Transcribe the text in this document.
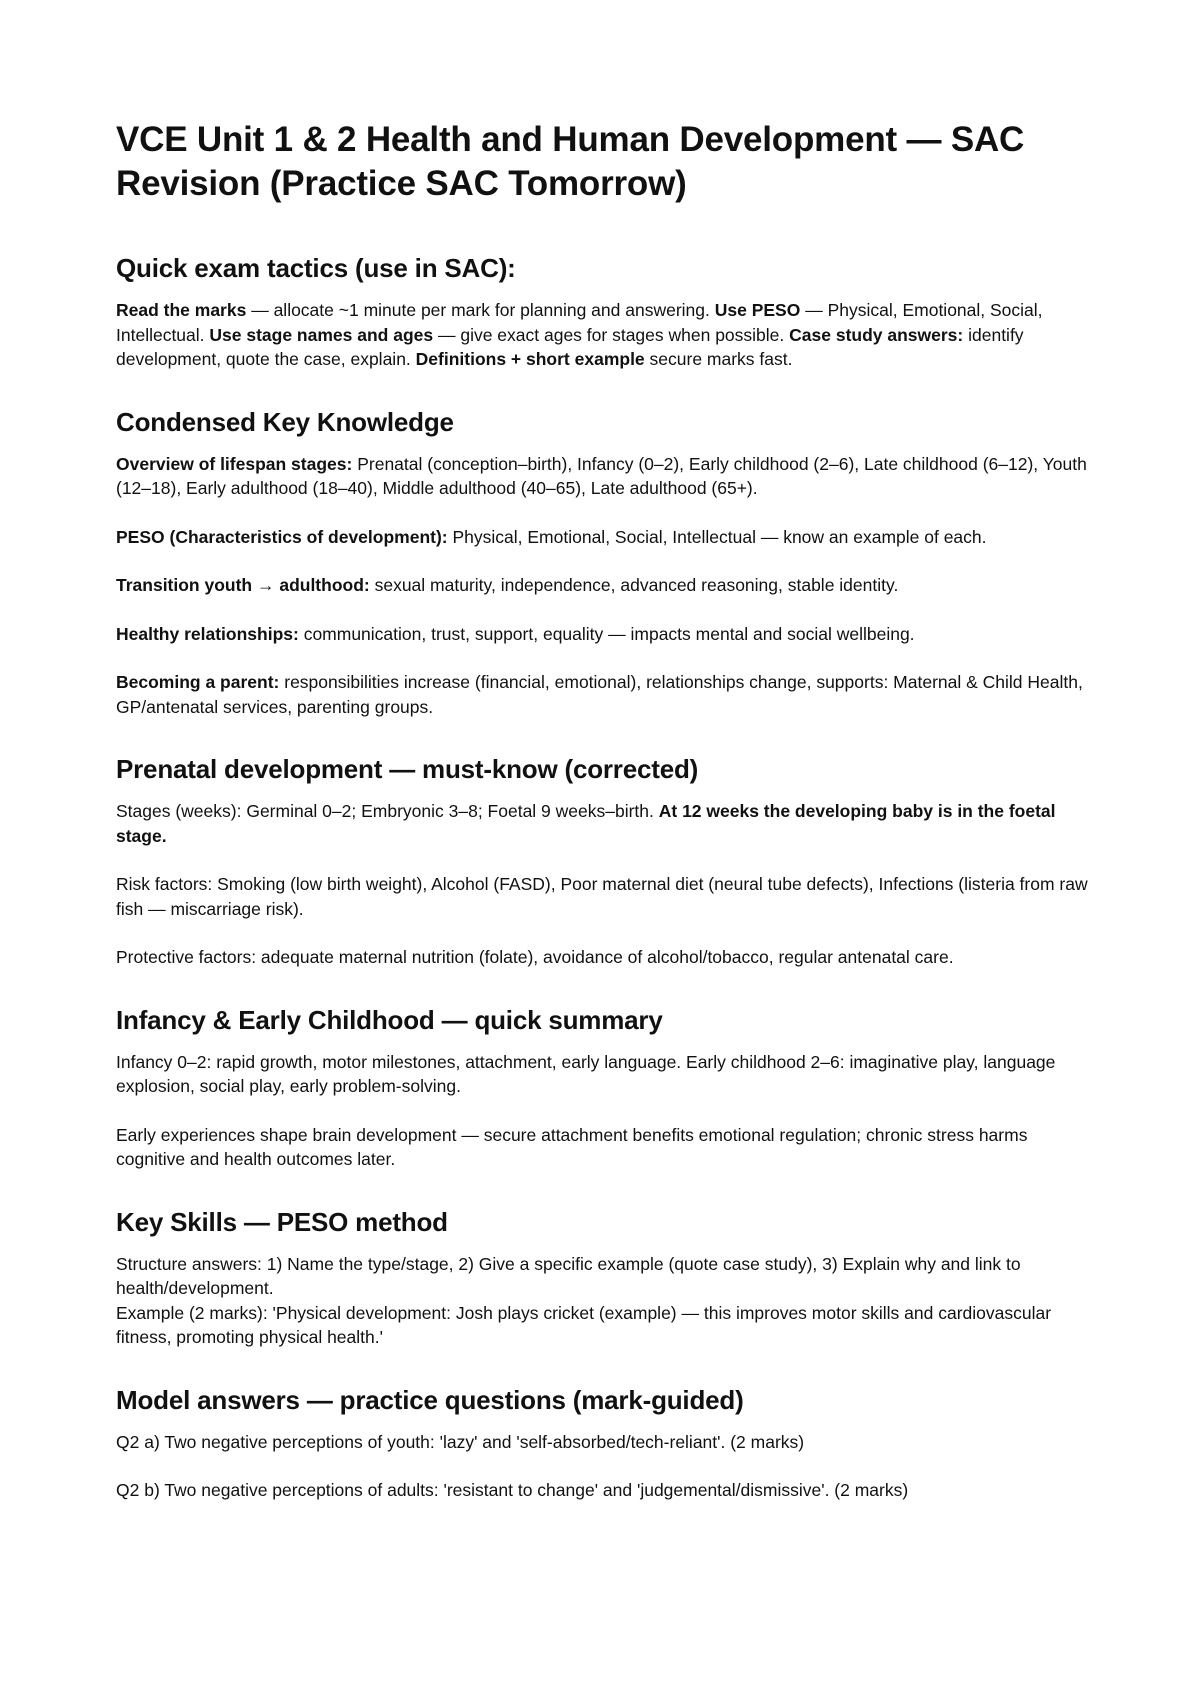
VCE Unit 1 & 2 Health and Human Development — SAC Revision (Practice SAC Tomorrow)
Quick exam tactics (use in SAC):

Read the marks — allocate ~1 minute per mark for planning and answering. Use PESO — Physical, Emotional, Social, Intellectual. Use stage names and ages — give exact ages for stages when possible. Case study answers: identify development, quote the case, explain. Definitions + short example secure marks fast.

Condensed Key Knowledge

Overview of lifespan stages: Prenatal (conception–birth), Infancy (0–2), Early childhood (2–6), Late childhood (6–12), Youth (12–18), Early adulthood (18–40), Middle adulthood (40–65), Late adulthood (65+).

PESO (Characteristics of development): Physical, Emotional, Social, Intellectual — know an example of each.

Transition youth → adulthood: sexual maturity, independence, advanced reasoning, stable identity.

Healthy relationships: communication, trust, support, equality — impacts mental and social wellbeing.

Becoming a parent: responsibilities increase (financial, emotional), relationships change, supports: Maternal & Child Health, GP/antenatal services, parenting groups.

Prenatal development — must-know (corrected)

Stages (weeks): Germinal 0–2; Embryonic 3–8; Foetal 9 weeks–birth. At 12 weeks the developing baby is in the foetal stage.

Risk factors: Smoking (low birth weight), Alcohol (FASD), Poor maternal diet (neural tube defects), Infections (listeria from raw fish — miscarriage risk).

Protective factors: adequate maternal nutrition (folate), avoidance of alcohol/tobacco, regular antenatal care.

Infancy & Early Childhood — quick summary

Infancy 0–2: rapid growth, motor milestones, attachment, early language. Early childhood 2–6: imaginative play, language explosion, social play, early problem-solving.

Early experiences shape brain development — secure attachment benefits emotional regulation; chronic stress harms cognitive and health outcomes later.

Key Skills — PESO method

Structure answers: 1) Name the type/stage, 2) Give a specific example (quote case study), 3) Explain why and link to health/development.

Example (2 marks): 'Physical development: Josh plays cricket (example) — this improves motor skills and cardiovascular fitness, promoting physical health.'

Model answers — practice questions (mark-guided)

Q2 a) Two negative perceptions of youth: 'lazy' and 'self-absorbed/tech-reliant'. (2 marks)

Q2 b) Two negative perceptions of adults: 'resistant to change' and 'judgemental/dismissive'. (2 marks)
